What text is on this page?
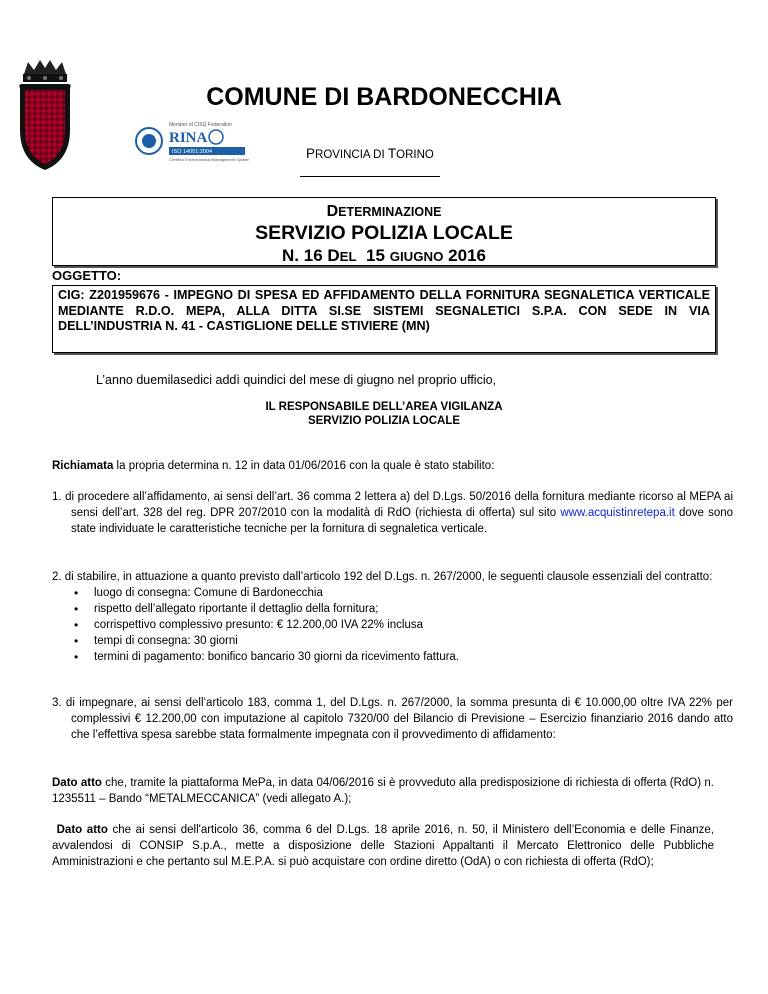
COMUNE DI BARDONECCHIA
Member of CISQ Federation
RINA
ISO 14001:2004
Certified Environmental Management System	PROVINCIA DI TORINO
DETERMINAZIONE
SERVIZIO POLIZIA LOCALE
N. 16 DEL 15 GIUGNO 2016
OGGETTO:
CIG: Z201959676 - IMPEGNO DI SPESA ED AFFIDAMENTO DELLA FORNITURA SEGNALETICA VERTICALE MEDIANTE R.D.O. MEPA, ALLA DITTA SI.SE SISTEMI SEGNALETICI S.P.A. CON SEDE IN VIA DELL’INDUSTRIA N. 41 - CASTIGLIONE DELLE STIVIERE (MN)
L’anno duemilasedici addì quindici del mese di giugno nel proprio ufficio,
IL RESPONSABILE DELL’AREA VIGILANZA
SERVIZIO POLIZIA LOCALE
Richiamata la propria determina n. 12 in data 01/06/2016 con la quale è stato stabilito:
1. di procedere all’affidamento, ai sensi dell’art. 36 comma 2 lettera a) del D.Lgs. 50/2016 della fornitura mediante ricorso al MEPA ai sensi dell’art. 328 del reg. DPR 207/2010 con la modalità di RdO (richiesta di offerta) sul sito www.acquistinretepa.it dove sono state individuate le caratteristiche tecniche per la fornitura di segnaletica verticale.
2. di stabilire, in attuazione a quanto previsto dall’articolo 192 del D.Lgs. n. 267/2000, le seguenti clausole essenziali del contratto:
• luogo di consegna: Comune di Bardonecchia
• rispetto dell’allegato riportante il dettaglio della fornitura;
• corrispettivo complessivo presunto: € 12.200,00 IVA 22% inclusa
• tempi di consegna: 30 giorni
• termini di pagamento: bonifico bancario 30 giorni da ricevimento fattura.
3. di impegnare, ai sensi dell’articolo 183, comma 1, del D.Lgs. n. 267/2000, la somma presunta di € 10.000,00 oltre IVA 22% per complessivi € 12.200,00 con imputazione al capitolo 7320/00 del Bilancio di Previsione – Esercizio finanziario 2016 dando atto che l’effettiva spesa sarebbe stata formalmente impegnata con il provvedimento di affidamento:
Dato atto che, tramite la piattaforma MePa, in data 04/06/2016 si è provveduto alla predisposizione di richiesta di offerta (RdO) n. 1235511 – Bando “METALMECCANICA” (vedi allegato A.);
Dato atto che ai sensi dell'articolo 36, comma 6 del D.Lgs. 18 aprile 2016, n. 50, il Ministero dell’Economia e delle Finanze, avvalendosi di CONSIP S.p.A., mette a disposizione delle Stazioni Appaltanti il Mercato Elettronico delle Pubbliche Amministrazioni e che pertanto sul M.E.P.A. si può acquistare con ordine diretto (OdA) o con richiesta di offerta (RdO);
